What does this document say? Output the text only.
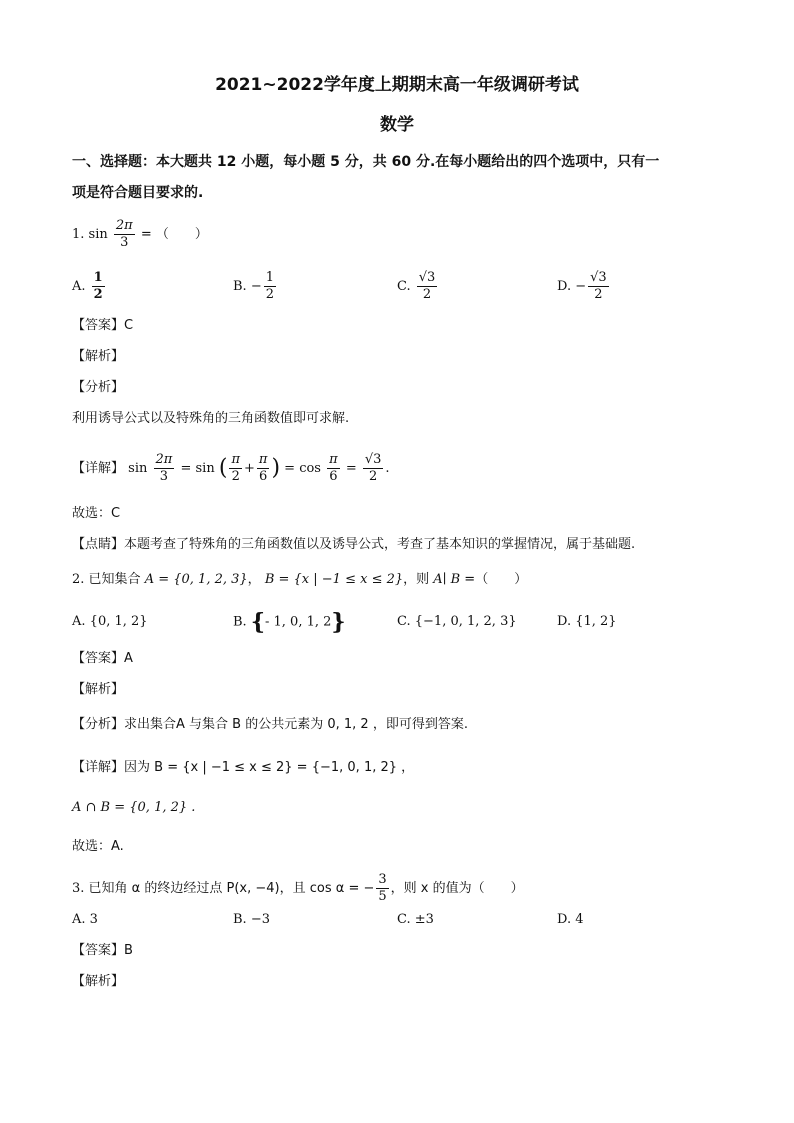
2021~2022学年度上期期末高一年级调研考试
数学
一、选择题：本大题共 12 小题，每小题 5 分，共 60 分.在每小题给出的四个选项中，只有一
项是符合题目要求的.
1. $\sin \frac{2\pi}{3}$ = （　　）
A. $\frac{1}{2}$	B. − $\frac{1}{2}$	C. $\frac{√3}{2}$	D. − $\frac{√3}{2}$
【答案】C
【解析】
【分析】
利用诱导公式以及特殊角的三角函数值即可求解.
【详解】 $\sin \frac{2\pi}{3} = \sin$ ( $\frac{\pi}{2} + \frac{\pi}{6}$ ) = $\cos \frac{\pi}{6} = \frac{√3}{2}$ .
故选：C
【点睛】本题考查了特殊角的三角函数值以及诱导公式，考查了基本知识的掌握情况，属于基础题.
2. 已知集合 A = {0, 1, 2, 3}， B = {x | −1 ≤ x ≤ 2}，则 A∣ B =（　　）
A. {0, 1, 2}	B. {- 1, 0, 1, 2}	C. {−1, 0, 1, 2, 3}	D. {1, 2}
【答案】A
【解析】
【分析】求出集合A 与集合 B 的公共元素为 0, 1, 2 ，即可得到答案.
【详解】因为 B = {x | −1 ≤ x ≤ 2} = {−1, 0, 1, 2} ，
A ∩ B = {0, 1, 2} .
故选：A.
3. 已知角 α 的终边经过点 P(x, −4)，且 cos α = − $\frac{3}{5}$ ，则 x 的值为（　　）
A. 3	B. −3	C. ±3	D. 4
【答案】B
【解析】
